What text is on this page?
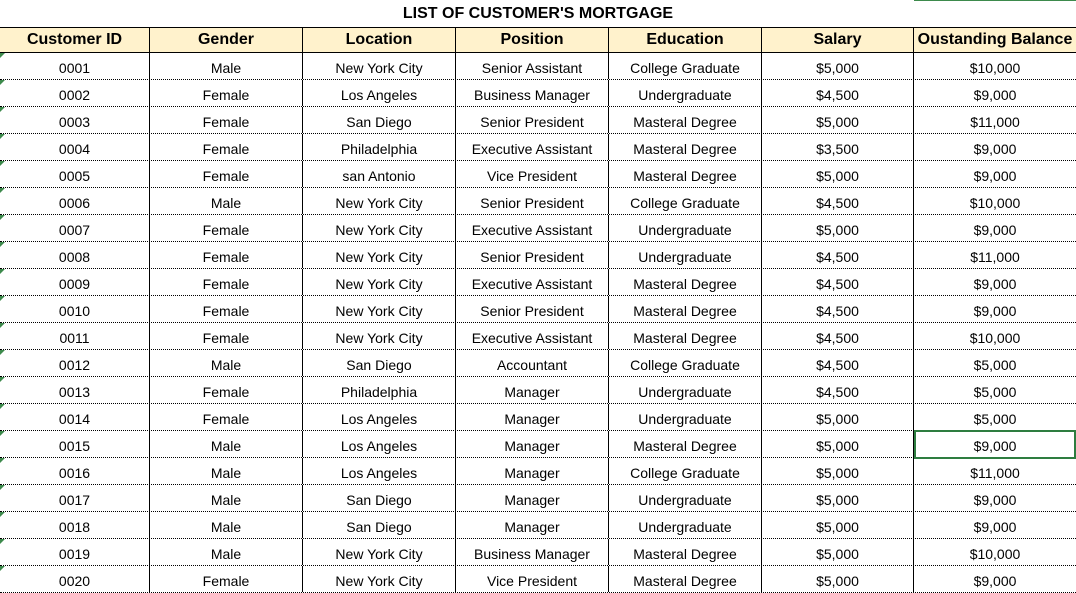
LIST OF CUSTOMER'S MORTGAGE
Customer ID	Gender	Location	Position	Education	Salary	Oustanding Balance
0001	Male	New York City	Senior Assistant	College Graduate	$5,000	$10,000
0002	Female	Los Angeles	Business Manager	Undergraduate	$4,500	$9,000
0003	Female	San Diego	Senior President	Masteral Degree	$5,000	$11,000
0004	Female	Philadelphia	Executive Assistant	Masteral Degree	$3,500	$9,000
0005	Female	san Antonio	Vice President	Masteral Degree	$5,000	$9,000
0006	Male	New York City	Senior President	College Graduate	$4,500	$10,000
0007	Female	New York City	Executive Assistant	Undergraduate	$5,000	$9,000
0008	Female	New York City	Senior President	Undergraduate	$4,500	$11,000
0009	Female	New York City	Executive Assistant	Masteral Degree	$4,500	$9,000
0010	Female	New York City	Senior President	Masteral Degree	$4,500	$9,000
0011	Female	New York City	Executive Assistant	Masteral Degree	$4,500	$10,000
0012	Male	San Diego	Accountant	College Graduate	$4,500	$5,000
0013	Female	Philadelphia	Manager	Undergraduate	$4,500	$5,000
0014	Female	Los Angeles	Manager	Undergraduate	$5,000	$5,000
0015	Male	Los Angeles	Manager	Masteral Degree	$5,000	$9,000
0016	Male	Los Angeles	Manager	College Graduate	$5,000	$11,000
0017	Male	San Diego	Manager	Undergraduate	$5,000	$9,000
0018	Male	San Diego	Manager	Undergraduate	$5,000	$9,000
0019	Male	New York City	Business Manager	Masteral Degree	$5,000	$10,000
0020	Female	New York City	Vice President	Masteral Degree	$5,000	$9,000
